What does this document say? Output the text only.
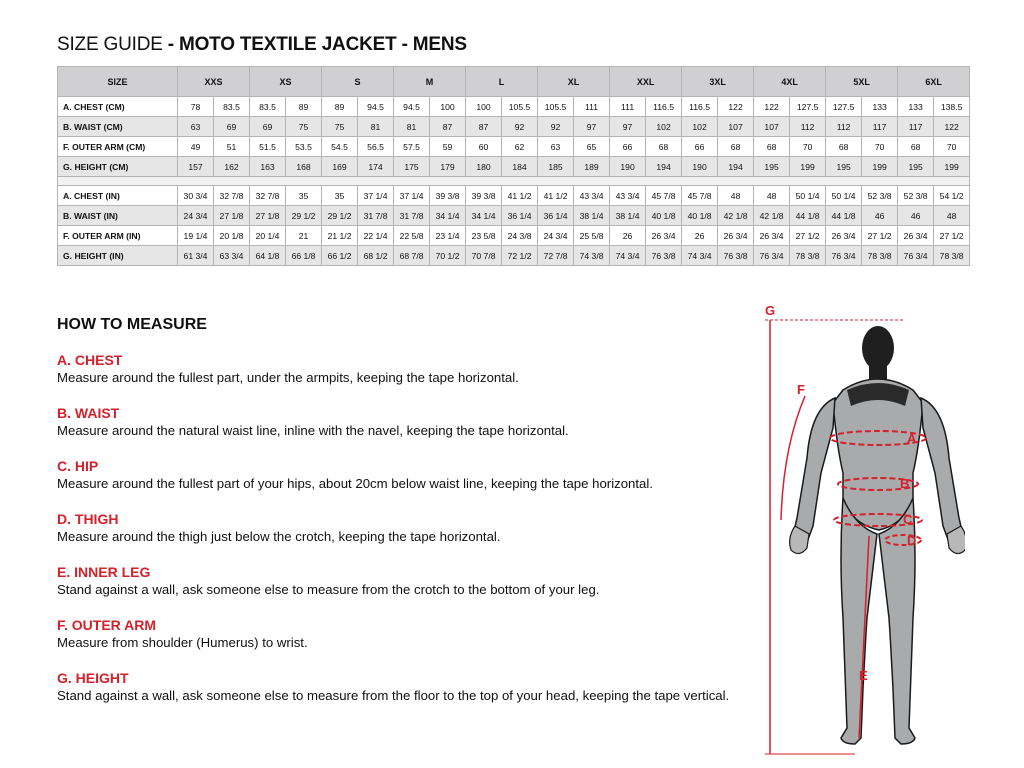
SIZE GUIDE - MOTO TEXTILE JACKET - MENS
SIZE	XXS		XS		S		M		L		XL		XXL		3XL		4XL		5XL		6XL	
A. CHEST (CM)	78	83.5	83.5	89	89	94.5	94.5	100	100	105.5	105.5	111	111	116.5	116.5	122	122	127.5	127.5	133	133	138.5
B. WAIST (CM)	63	69	69	75	75	81	81	87	87	92	92	97	97	102	102	107	107	112	112	117	117	122
F. OUTER ARM (CM)	49	51	51.5	53.5	54.5	56.5	57.5	59	60	62	63	65	66	68	66	68	68	70	68	70	68	70
G. HEIGHT (CM)	157	162	163	168	169	174	175	179	180	184	185	189	190	194	190	194	195	199	195	199	195	199

A. CHEST (IN)	30 3/4	32 7/8	32 7/8	35	35	37 1/4	37 1/4	39 3/8	39 3/8	41 1/2	41 1/2	43 3/4	43 3/4	45 7/8	45 7/8	48	48	50 1/4	50 1/4	52 3/8	52 3/8	54 1/2
B. WAIST (IN)	24 3/4	27 1/8	27 1/8	29 1/2	29 1/2	31 7/8	31 7/8	34 1/4	34 1/4	36 1/4	36 1/4	38 1/4	38 1/4	40 1/8	40 1/8	42 1/8	42 1/8	44 1/8	44 1/8	46	46	48
F. OUTER ARM (IN)	19 1/4	20 1/8	20 1/4	21	21 1/2	22 1/4	22 5/8	23 1/4	23 5/8	24 3/8	24 3/4	25 5/8	26	26 3/4	26	26 3/4	26 3/4	27 1/2	26 3/4	27 1/2	26 3/4	27 1/2
G. HEIGHT (IN)	61 3/4	63 3/4	64 1/8	66 1/8	66 1/2	68 1/2	68 7/8	70 1/2	70 7/8	72 1/2	72 7/8	74 3/8	74 3/4	76 3/8	74 3/4	76 3/8	76 3/4	78 3/8	76 3/4	78 3/8	76 3/4	78 3/8
HOW TO MEASURE
A. CHEST

Measure around the fullest part, under the armpits, keeping the tape horizontal.

B. WAIST

Measure around the natural waist line, inline with the navel, keeping the tape horizontal.

C. HIP

Measure around the fullest part of your hips, about 20cm below waist line, keeping the tape horizontal.

D. THIGH

Measure around the thigh just below the crotch, keeping the tape horizontal.

E. INNER LEG

Stand against a wall, ask someone else to measure from the crotch to the bottom of your leg.

F. OUTER ARM

Measure from shoulder (Humerus) to wrist.

G. HEIGHT

Stand against a wall, ask someone else to measure from the floor to the top of your head, keeping the tape vertical.

G
F
A
B
C
D
E
